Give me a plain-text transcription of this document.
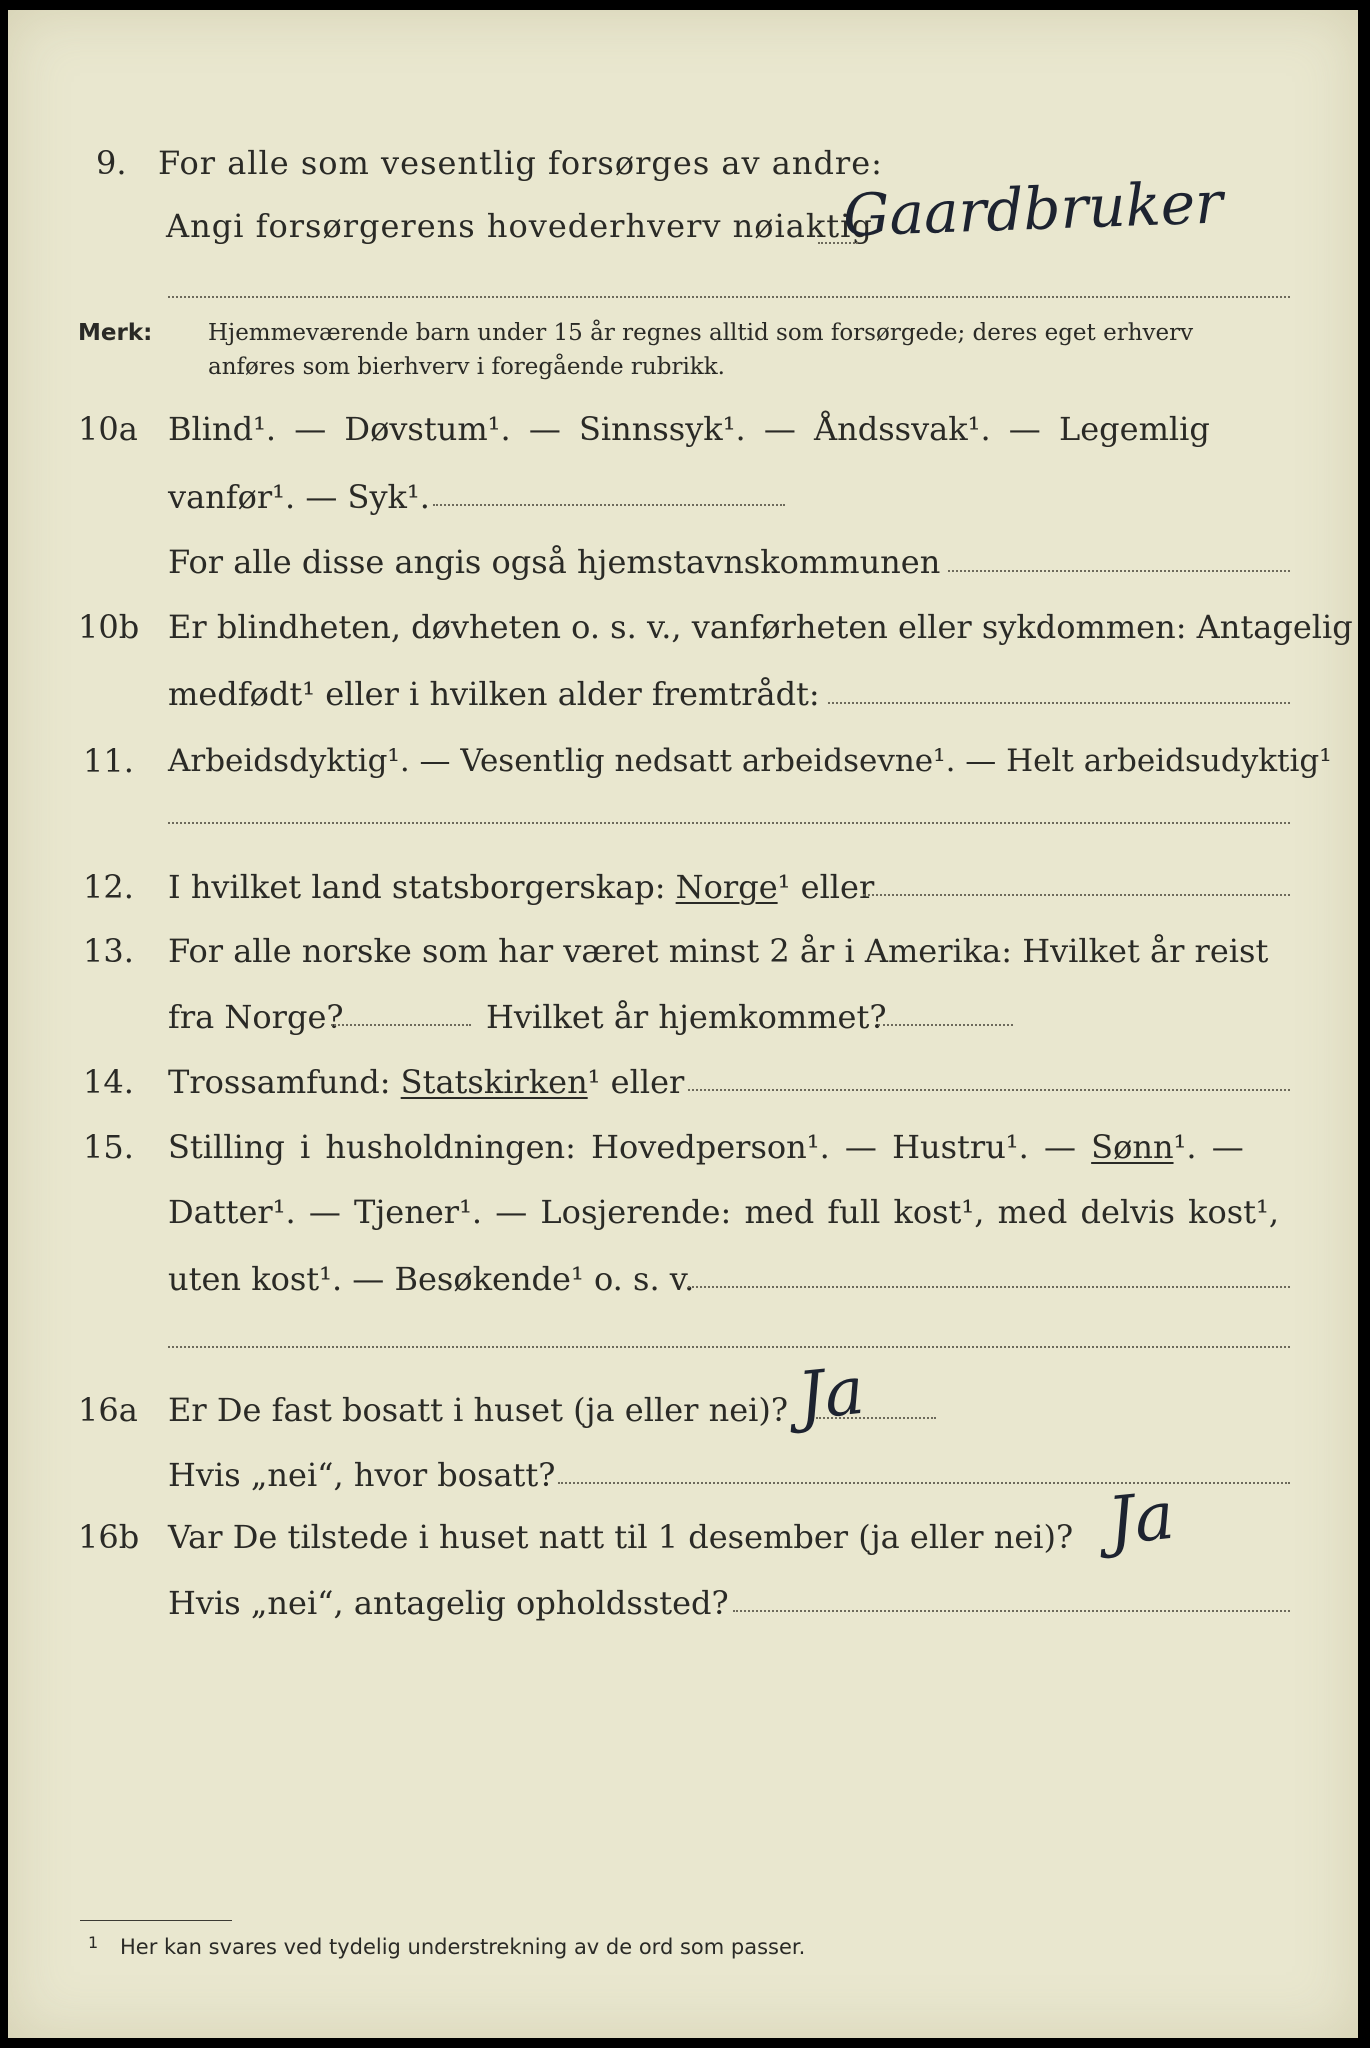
9. For alle som vesentlig forsørges av andre:
Angi forsørgerens hovederhverv nøiaktig
Gaardbruker
Merk: Hjemmeværende barn under 15 år regnes alltid som forsørgede; deres eget erhverv
anføres som bierhverv i foregående rubrikk.
10a Blind¹. — Døvstum¹. — Sinnssyk¹. — Åndssvak¹. — Legemlig
vanfør¹. — Syk¹.
For alle disse angis også hjemstavnskommunen
10b Er blindheten, døvheten o. s. v., vanførheten eller sykdommen: Antagelig
medfødt¹ eller i hvilken alder fremtrådt:
11. Arbeidsdyktig¹. — Vesentlig nedsatt arbeidsevne¹. — Helt arbeidsudyktig¹
12. I hvilket land statsborgerskap: Norge¹ eller
13. For alle norske som har været minst 2 år i Amerika: Hvilket år reist
fra Norge?	Hvilket år hjemkommet?
14. Trossamfund: Statskirken¹ eller
15. Stilling i husholdningen: Hovedperson¹. — Hustru¹. — Sønn¹. —
Datter¹. — Tjener¹. — Losjerende: med full kost¹, med delvis kost¹,
uten kost¹. — Besøkende¹ o. s. v.
16a Er De fast bosatt i huset (ja eller nei)? Ja
Hvis „nei“, hvor bosatt?
16b Var De tilstede i huset natt til 1 desember (ja eller nei)? Ja
Hvis „nei“, antagelig opholdssted?
1 Her kan svares ved tydelig understrekning av de ord som passer.
